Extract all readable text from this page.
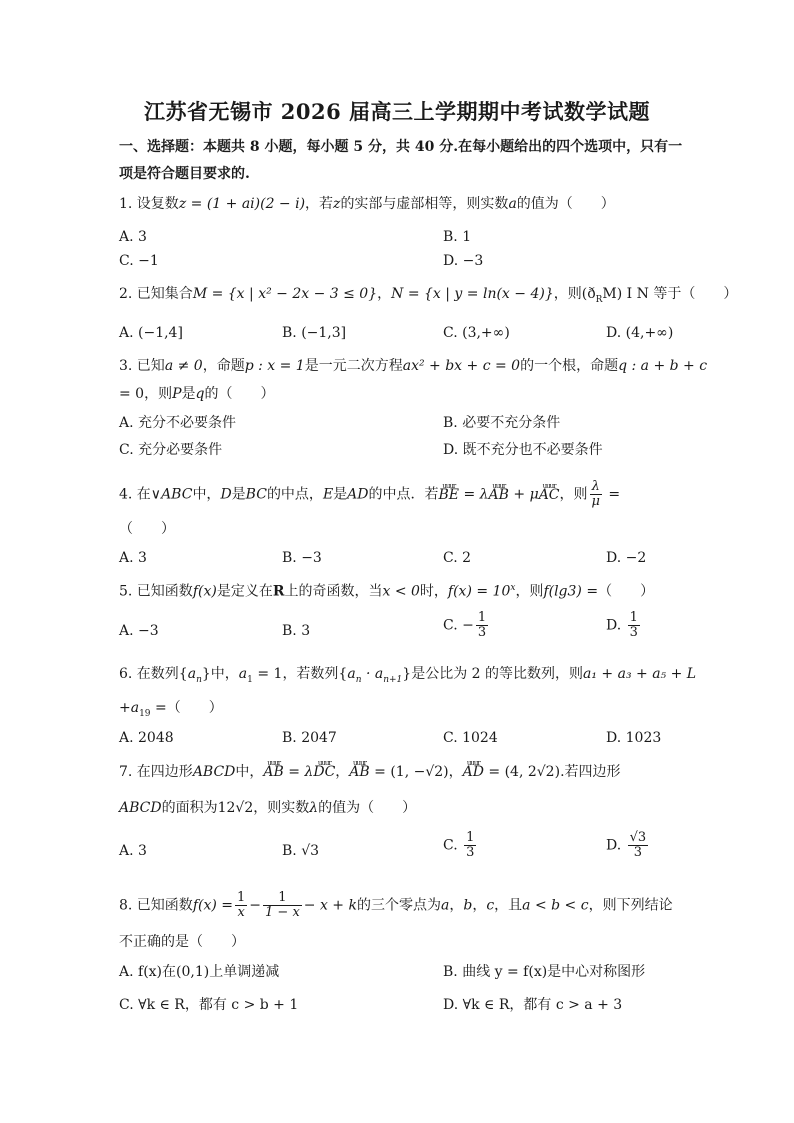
江苏省无锡市 2026 届高三上学期期中考试数学试题
一、选择题：本题共 8 小题，每小题 5 分，共 40 分.在每小题给出的四个选项中，只有一
项是符合题目要求的.
1. 设复数z = (1 + ai)(2 − i)，若z的实部与虚部相等，则实数a的值为（　　）
A. 3	B. 1
C. −1	D. −3
2. 已知集合M = {x | x² − 2x − 3 ≤ 0}，N = {x | y = ln(x − 4)}，则$(ð_RM)$ I N 等于（　　）
A. (−1,4]	B. (−1,3]	C. (3,+∞)	D. (4,+∞)
3. 已知a ≠ 0，命题p : x = 1是一元二次方程ax² + bx + c = 0的一个根，命题q : a + b + c
= 0，则P是q的（　　）
A. 充分不必要条件	B. 必要不充分条件
C. 充分必要条件	D. 既不充分也不必要条件
4. 在∨ABC中，D是BC的中点，E是AD的中点．若uuur BE = λuuur AB + μuuur AC，则 $\frac{\lambda}{\mu}$ =
（　　）
A. 3	B. −3	C. 2	D. −2
5. 已知函数f(x)是定义在R上的奇函数，当x < 0时，$f(x) = 10^x$，则f(lg3) =（　　）
A. −3	B. 3	C. − $\frac{1}{3}$	D. $\frac{1}{3}$
6. 在数列$\{a_n\}$中，$a_1 = 1$，若数列$\{a_n \cdot a_{n+1}\}$是公比为 2 的等比数列，则a₁ + a₃ + a₅ + L
$+a_{19}$ =（　　）
A. 2048	B. 2047	C. 1024	D. 1023
7. 在四边形ABCD中，uuur AB = λuuur DC，uuur AB = (1, −√2)，uuur AD = (4, 2√2).若四边形
ABCD的面积为12√2，则实数λ的值为（　　）
A. 3	B. √3	C. $\frac{1}{3}$	D. $\frac{√3}{3}$
8. 已知函数$f(x) = \frac{1}{x} - \frac{1}{1 - x} - x + k$的三个零点为a，b，c，且a < b < c，则下列结论
不正确的是（　　）
A. f(x)在(0,1)上单调递减	B. 曲线 y = f(x)是中心对称图形
C. ∀k ∈ R，都有 c > b + 1	D. ∀k ∈ R，都有 c > a + 3
